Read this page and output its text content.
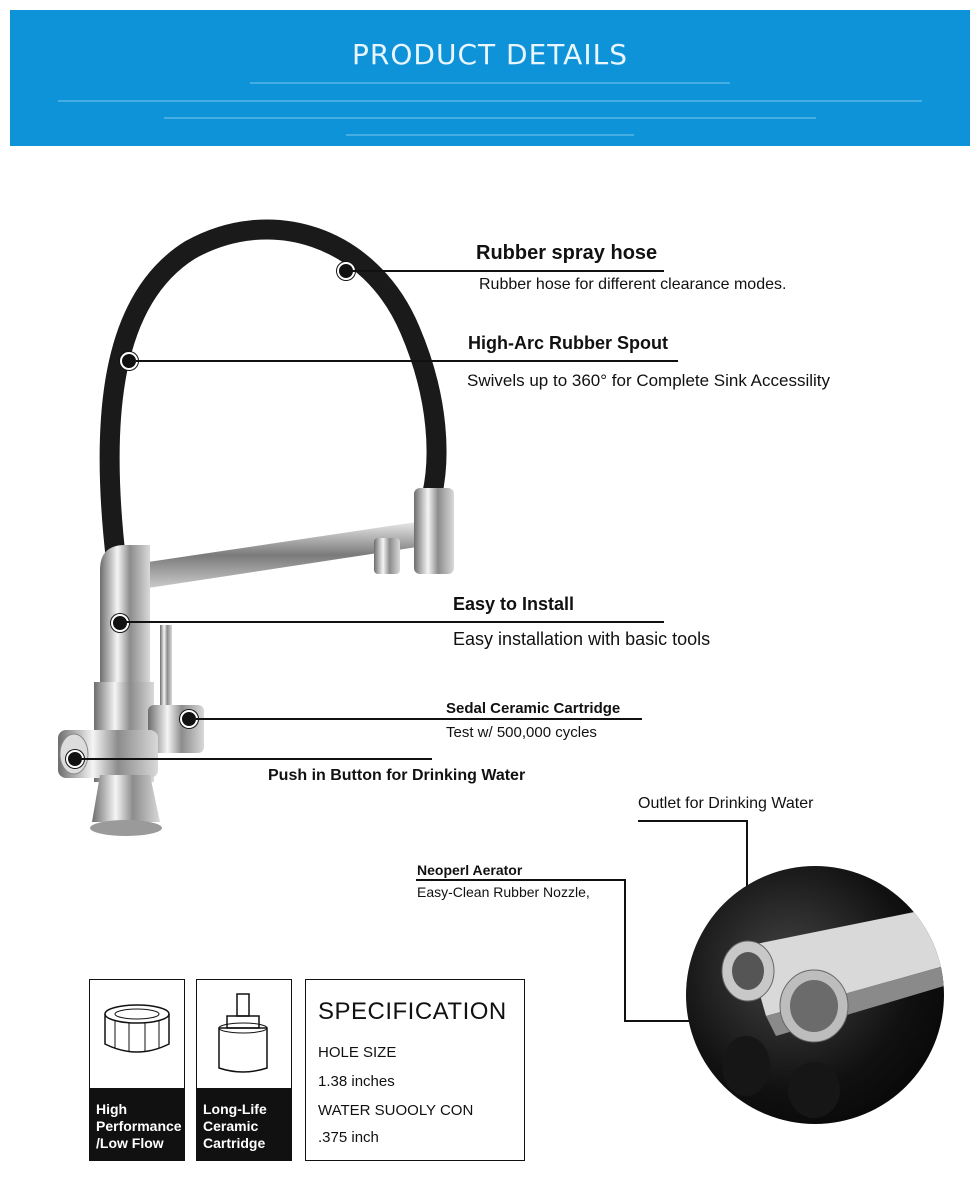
PRODUCT DETAILS
Rubber spray hose
Rubber hose for different clearance modes.
High-Arc Rubber Spout
Swivels up to 360° for Complete Sink Accessility
Easy to Install
Easy installation with basic tools
Sedal Ceramic Cartridge
Test w/ 500,000 cycles
Push in Button for Drinking Water
Outlet for Drinking Water
Neoperl Aerator
Easy-Clean Rubber Nozzle,
High
Performance
/Low Flow
Long-Life
Ceramic
Cartridge
SPECIFICATION
HOLE SIZE
1.38 inches
WATER SUOOLY CON
.375 inch
